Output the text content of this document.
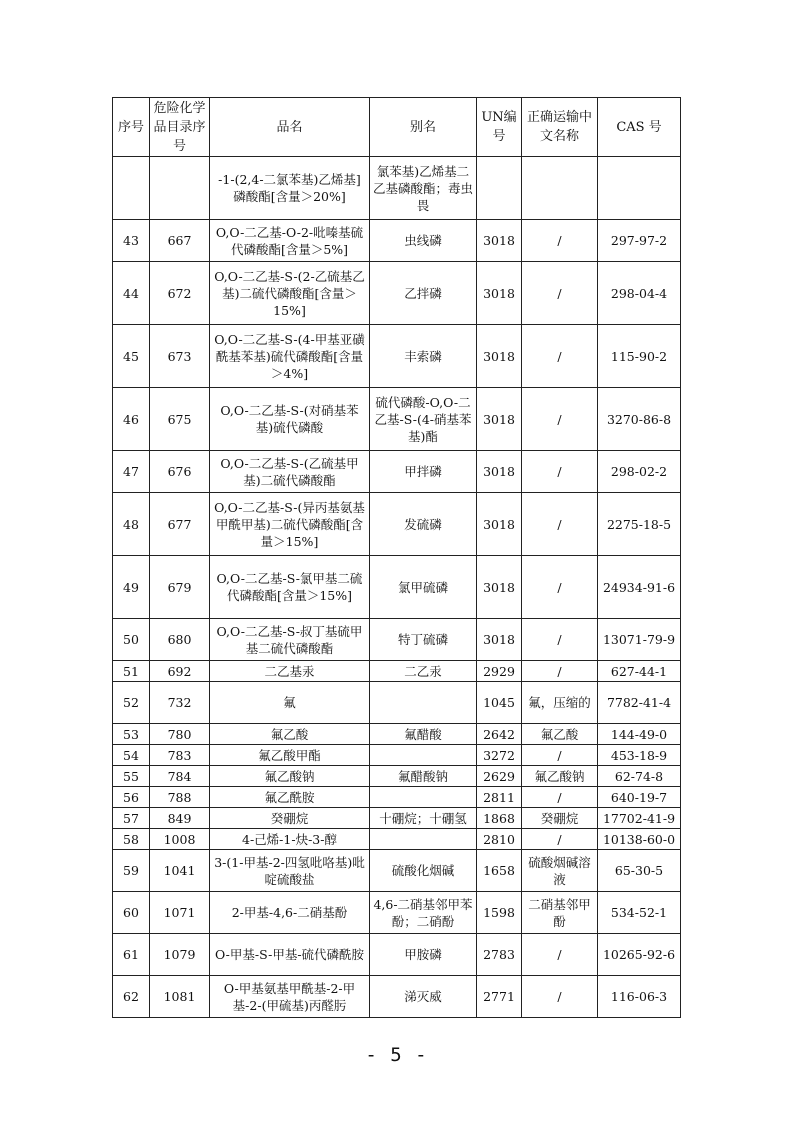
序号	危险化学品目录序号	品名	别名	UN编号	正确运输中文名称	CAS 号
		-1-(2,4-二氯苯基)乙烯基]磷酸酯[含量＞20%]	氯苯基)乙烯基二乙基磷酸酯；毒虫畏			
43	667	O,O-二乙基-O-2-吡嗪基硫代磷酸酯[含量＞5%]	虫线磷	3018	/	297-97-2
44	672	O,O-二乙基-S-(2-乙硫基乙基)二硫代磷酸酯[含量＞15%]	乙拌磷	3018	/	298-04-4
45	673	O,O-二乙基-S-(4-甲基亚磺酰基苯基)硫代磷酸酯[含量＞4%]	丰索磷	3018	/	115-90-2
46	675	O,O-二乙基-S-(对硝基苯基)硫代磷酸	硫代磷酸-O,O-二乙基-S-(4-硝基苯基)酯	3018	/	3270-86-8
47	676	O,O-二乙基-S-(乙硫基甲基)二硫代磷酸酯	甲拌磷	3018	/	298-02-2
48	677	O,O-二乙基-S-(异丙基氨基甲酰甲基)二硫代磷酸酯[含量＞15%]	发硫磷	3018	/	2275-18-5
49	679	O,O-二乙基-S-氯甲基二硫代磷酸酯[含量＞15%]	氯甲硫磷	3018	/	24934-91-6
50	680	O,O-二乙基-S-叔丁基硫甲基二硫代磷酸酯	特丁硫磷	3018	/	13071-79-9
51	692	二乙基汞	二乙汞	2929	/	627-44-1
52	732	氟		1045	氟，压缩的	7782-41-4
53	780	氟乙酸	氟醋酸	2642	氟乙酸	144-49-0
54	783	氟乙酸甲酯		3272	/	453-18-9
55	784	氟乙酸钠	氟醋酸钠	2629	氟乙酸钠	62-74-8
56	788	氟乙酰胺		2811	/	640-19-7
57	849	癸硼烷	十硼烷；十硼氢	1868	癸硼烷	17702-41-9
58	1008	4-己烯-1-炔-3-醇		2810	/	10138-60-0
59	1041	3-(1-甲基-2-四氢吡咯基)吡啶硫酸盐	硫酸化烟碱	1658	硫酸烟碱溶液	65-30-5
60	1071	2-甲基-4,6-二硝基酚	4,6-二硝基邻甲苯酚；二硝酚	1598	二硝基邻甲酚	534-52-1
61	1079	O-甲基-S-甲基-硫代磷酰胺	甲胺磷	2783	/	10265-92-6
62	1081	O-甲基氨基甲酰基-2-甲基-2-(甲硫基)丙醛肟	涕灭威	2771	/	116-06-3
- 5 -
